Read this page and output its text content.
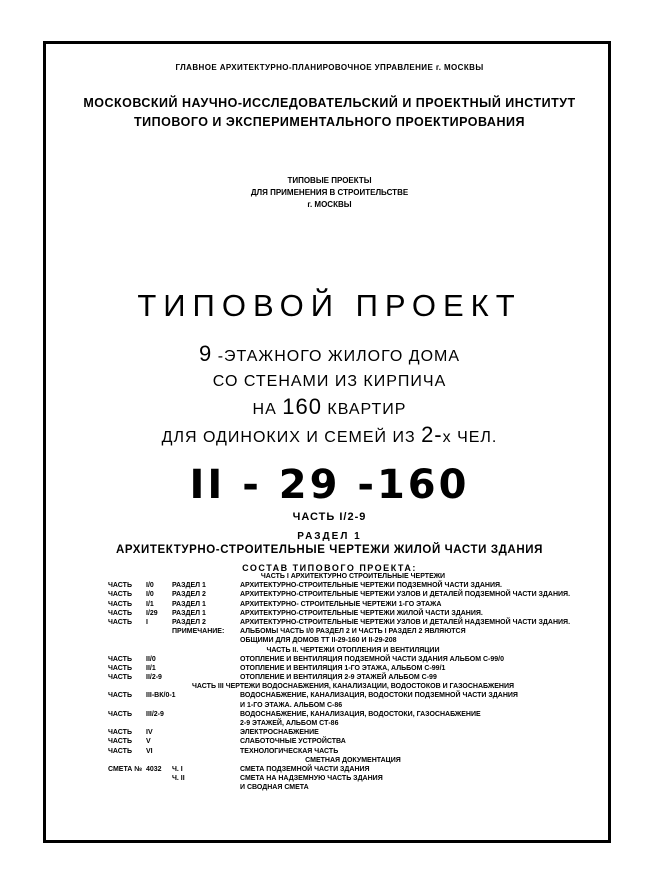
ГЛАВНОЕ АРХИТЕКТУРНО-ПЛАНИРОВОЧНОЕ УПРАВЛЕНИЕ г. МОСКВЫ
МОСКОВСКИЙ НАУЧНО-ИССЛЕДОВАТЕЛЬСКИЙ И ПРОЕКТНЫЙ ИНСТИТУТ
ТИПОВОГО И ЭКСПЕРИМЕНТАЛЬНОГО ПРОЕКТИРОВАНИЯ
ТИПОВЫЕ ПРОЕКТЫ
ДЛЯ ПРИМЕНЕНИЯ В СТРОИТЕЛЬСТВЕ
г. МОСКВЫ
ТИПОВОЙ ПРОЕКТ
9 -ЭТАЖНОГО ЖИЛОГО ДОМА
СО СТЕНАМИ ИЗ КИРПИЧА
НА 160 КВАРТИР
ДЛЯ ОДИНОКИХ И СЕМЕЙ ИЗ 2-х ЧЕЛ.
II - 29 -160
ЧАСТЬ I/2-9
РАЗДЕЛ 1
АРХИТЕКТУРНО-СТРОИТЕЛЬНЫЕ ЧЕРТЕЖИ ЖИЛОЙ ЧАСТИ ЗДАНИЯ
СОСТАВ ТИПОВОГО ПРОЕКТА:
ЧАСТЬ I АРХИТЕКТУРНО СТРОИТЕЛЬНЫЕ ЧЕРТЕЖИ
ЧАСТЬ I/0	РАЗДЕЛ 1	АРХИТЕКТУРНО-СТРОИТЕЛЬНЫЕ ЧЕРТЕЖИ ПОДЗЕМНОЙ ЧАСТИ ЗДАНИЯ.
ЧАСТЬ I/0	РАЗДЕЛ 2	АРХИТЕКТУРНО-СТРОИТЕЛЬНЫЕ ЧЕРТЕЖИ УЗЛОВ И ДЕТАЛЕЙ ПОДЗЕМНОЙ ЧАСТИ ЗДАНИЯ.
ЧАСТЬ I/1	РАЗДЕЛ 1	АРХИТЕКТУРНО- СТРОИТЕЛЬНЫЕ ЧЕРТЕЖИ 1-ГО ЭТАЖА
ЧАСТЬ I/29 РАЗДЕЛ 1	АРХИТЕКТУРНО-СТРОИТЕЛЬНЫЕ ЧЕРТЕЖИ ЖИЛОЙ ЧАСТИ ЗДАНИЯ.
ЧАСТЬ I	РАЗДЕЛ 2	АРХИТЕКТУРНО-СТРОИТЕЛЬНЫЕ ЧЕРТЕЖИ УЗЛОВ И ДЕТАЛЕЙ НАДЗЕМНОЙ ЧАСТИ ЗДАНИЯ.
ПРИМЕЧАНИЕ: АЛЬБОМЫ ЧАСТЬ I/0 РАЗДЕЛ 2 И ЧАСТЬ I РАЗДЕЛ 2 ЯВЛЯЮТСЯ
ОБЩИМИ ДЛЯ ДОМОВ ТТ II-29-160 И II-29-208
ЧАСТЬ II. ЧЕРТЕЖИ ОТОПЛЕНИЯ И ВЕНТИЛЯЦИИ
ЧАСТЬ II/0	ОТОПЛЕНИЕ И ВЕНТИЛЯЦИЯ ПОДЗЕМНОЙ ЧАСТИ ЗДАНИЯ АЛЬБОМ С-99/0
ЧАСТЬ II/1	ОТОПЛЕНИЕ И ВЕНТИЛЯЦИЯ 1-ГО ЭТАЖА, АЛЬБОМ С-99/1
ЧАСТЬ II/2-9	ОТОПЛЕНИЕ И ВЕНТИЛЯЦИЯ 2-9 ЭТАЖЕЙ АЛЬБОМ С-99
ЧАСТЬ III ЧЕРТЕЖИ ВОДОСНАБЖЕНИЯ, КАНАЛИЗАЦИИ, ВОДОСТОКОВ И ГАЗОСНАБЖЕНИЯ
ЧАСТЬ III-ВК/0-1	ВОДОСНАБЖЕНИЕ, КАНАЛИЗАЦИЯ, ВОДОСТОКИ ПОДЗЕМНОЙ ЧАСТИ ЗДАНИЯ
И 1-ГО ЭТАЖА. АЛЬБОМ С-86
ЧАСТЬ III/2-9	ВОДОСНАБЖЕНИЕ, КАНАЛИЗАЦИЯ, ВОДОСТОКИ, ГАЗОСНАБЖЕНИЕ
2-9 ЭТАЖЕЙ, АЛЬБОМ СТ-86
ЧАСТЬ IV	ЭЛЕКТРОСНАБЖЕНИЕ
ЧАСТЬ V	СЛАБОТОЧНЫЕ УСТРОЙСТВА
ЧАСТЬ VI	ТЕХНОЛОГИЧЕСКАЯ ЧАСТЬ
СМЕТНАЯ ДОКУМЕНТАЦИЯ
СМЕТА № 4032 Ч. I	СМЕТА ПОДЗЕМНОЙ ЧАСТИ ЗДАНИЯ
Ч. II	СМЕТА НА НАДЗЕМНУЮ ЧАСТЬ ЗДАНИЯ
И СВОДНАЯ СМЕТА
